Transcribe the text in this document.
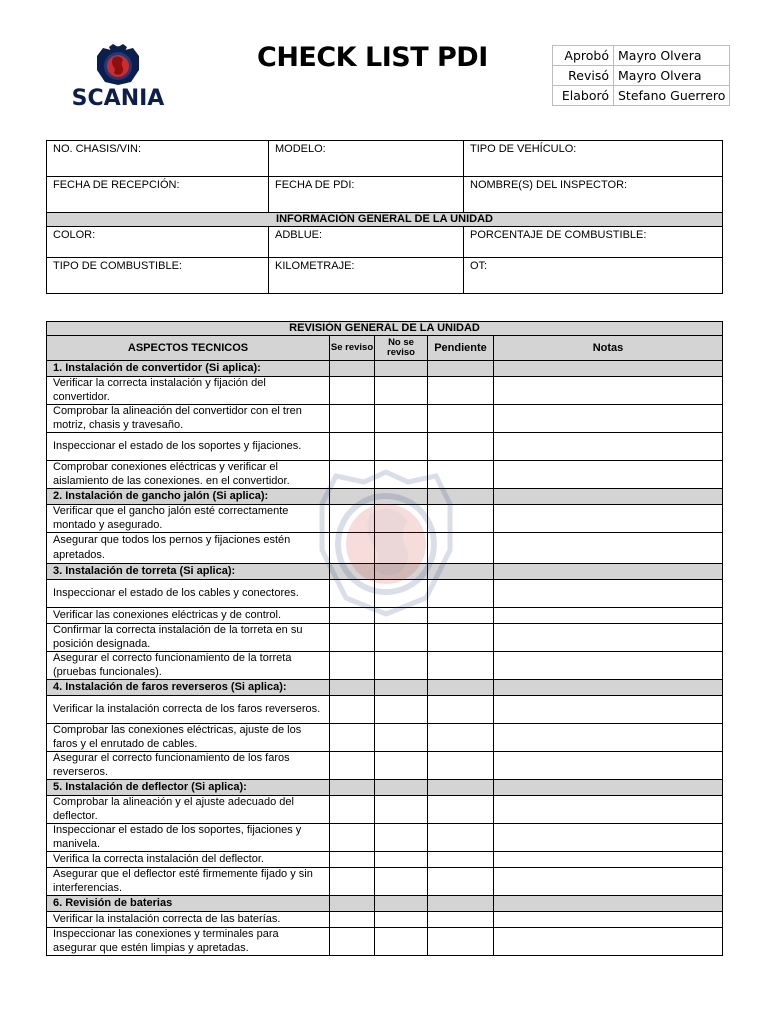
SCANIA
CHECK LIST PDI	Aprobó	Mayro Olvera
Revisó	Mayro Olvera
Elaboró	Stefano Guerrero
NO. CHASIS/VIN:	MODELO:	TIPO DE VEHÍCULO:
FECHA DE RECEPCIÓN:	FECHA DE PDI:	NOMBRE(S) DEL INSPECTOR:
INFORMACIÓN GENERAL DE LA UNIDAD		
COLOR:	ADBLUE:	PORCENTAJE DE COMBUSTIBLE:
TIPO DE COMBUSTIBLE:	KILOMETRAJE:	OT:
REVISIÓN GENERAL DE LA UNIDAD				
ASPECTOS TECNICOS	Se reviso	No se reviso	Pendiente	Notas
1. Instalación de convertidor (Si aplica):				
Verificar la correcta instalación y fijación del convertidor.				
Comprobar la alineación del convertidor con el tren motriz, chasis y travesaño.				
Inspeccionar el estado de los soportes y fijaciones.				
Comprobar conexiones eléctricas y verificar el aislamiento de las conexiones. en el convertidor.				
2. Instalación de gancho jalón (Si aplica):				
Verificar que el gancho jalón esté correctamente montado y asegurado.				
Asegurar que todos los pernos y fijaciones estén apretados.				
3. Instalación de torreta (Si aplica):				
Inspeccionar el estado de los cables y conectores.				
Verificar las conexiones eléctricas y de control.				
Confirmar la correcta instalación de la torreta en su posición designada.				
Asegurar el correcto funcionamiento de la torreta (pruebas funcionales).				
4. Instalación de faros reverseros (Si aplica):				
Verificar la instalación correcta de los faros reverseros.				
Comprobar las conexiones eléctricas, ajuste de los faros y el enrutado de cables.				
Asegurar el correcto funcionamiento de los faros reverseros.				
5. Instalación de deflector (Si aplica):				
Comprobar la alineación y el ajuste adecuado del deflector.				
Inspeccionar el estado de los soportes, fijaciones y manivela.				
Verifica la correcta instalación del deflector.				
Asegurar que el deflector esté firmemente fijado y sin interferencias.				
6. Revisión de baterias				
Verificar la instalación correcta de las baterías.				
Inspeccionar las conexiones y terminales para asegurar que estén limpias y apretadas.				
